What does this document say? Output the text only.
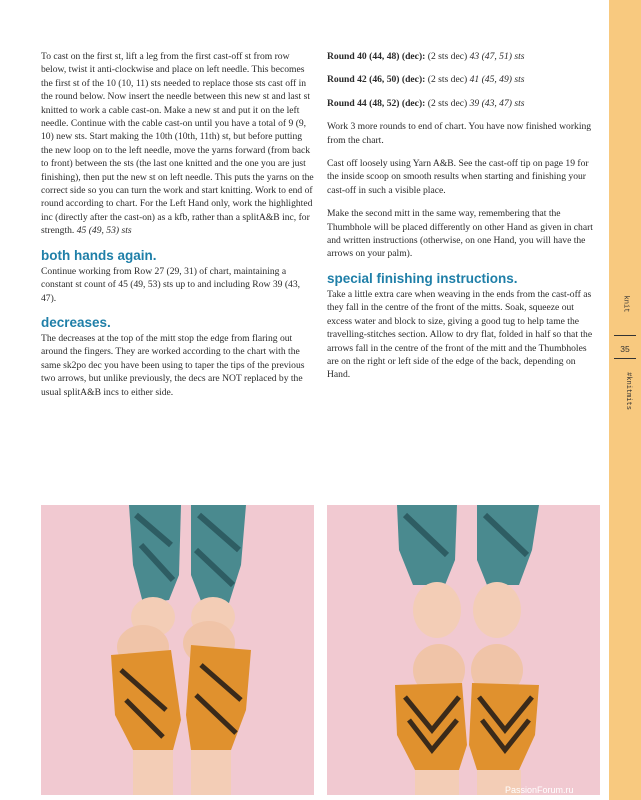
To cast on the first st, lift a leg from the first cast-off st from row below, twist it anti-clockwise and place on left needle. This becomes the first st of the 10 (10, 11) sts needed to replace those sts cast off in the round below. Now insert the needle between this new st and last st knitted to work a cable cast-on. Make a new st and put it on the left needle. Continue with the cable cast-on until you have a total of 9 (9, 10) new sts. Start making the 10th (10th, 11th) st, but before putting the new loop on to the left needle, move the yarns forward (from back to front) between the sts (the last one knitted and the one you are just finishing), then put the new st on left needle. This puts the yarns on the correct side so you can turn the work and start knitting. Work to end of round according to chart. For the Left Hand only, work the highlighted inc (directly after the cast-on) as a kfb, rather than a splitA&B inc, for strength. 45 (49, 53) sts

both hands again.

Continue working from Row 27 (29, 31) of chart, maintaining a constant st count of 45 (49, 53) sts up to and including Row 39 (43, 47).

decreases.

The decreases at the top of the mitt stop the edge from flaring out around the fingers. They are worked according to the chart with the same sk2po dec you have been using to taper the tips of the previous two arrows, but unlike previously, the decs are NOT replaced by the usual splitA&B incs to either side.

Round 40 (44, 48) (dec): (2 sts dec) 43 (47, 51) sts

Round 42 (46, 50) (dec): (2 sts dec) 41 (45, 49) sts

Round 44 (48, 52) (dec): (2 sts dec) 39 (43, 47) sts

Work 3 more rounds to end of chart. You have now finished working from the chart.

Cast off loosely using Yarn A&B. See the cast-off tip on page 19 for the inside scoop on smooth results when starting and finishing your cast-off in such a visible place.

Make the second mitt in the same way, remembering that the Thumbhole will be placed differently on other Hand as given in chart and written instructions (otherwise, on one Hand, you will have the arrows on your palm).

special finishing instructions.

Take a little extra care when weaving in the ends from the cast-off as they fall in the centre of the front of the mitts. Soak, squeeze out excess water and block to size, giving a good tug to help tame the travelling-stitches section. Allow to dry flat, folded in half so that the arrows fall in the centre of the front of the mitt and the Thumbholes are on the right or left side of the edge of the back, depending on Hand.

knit
35
#knitmits
PassionForum.ru
